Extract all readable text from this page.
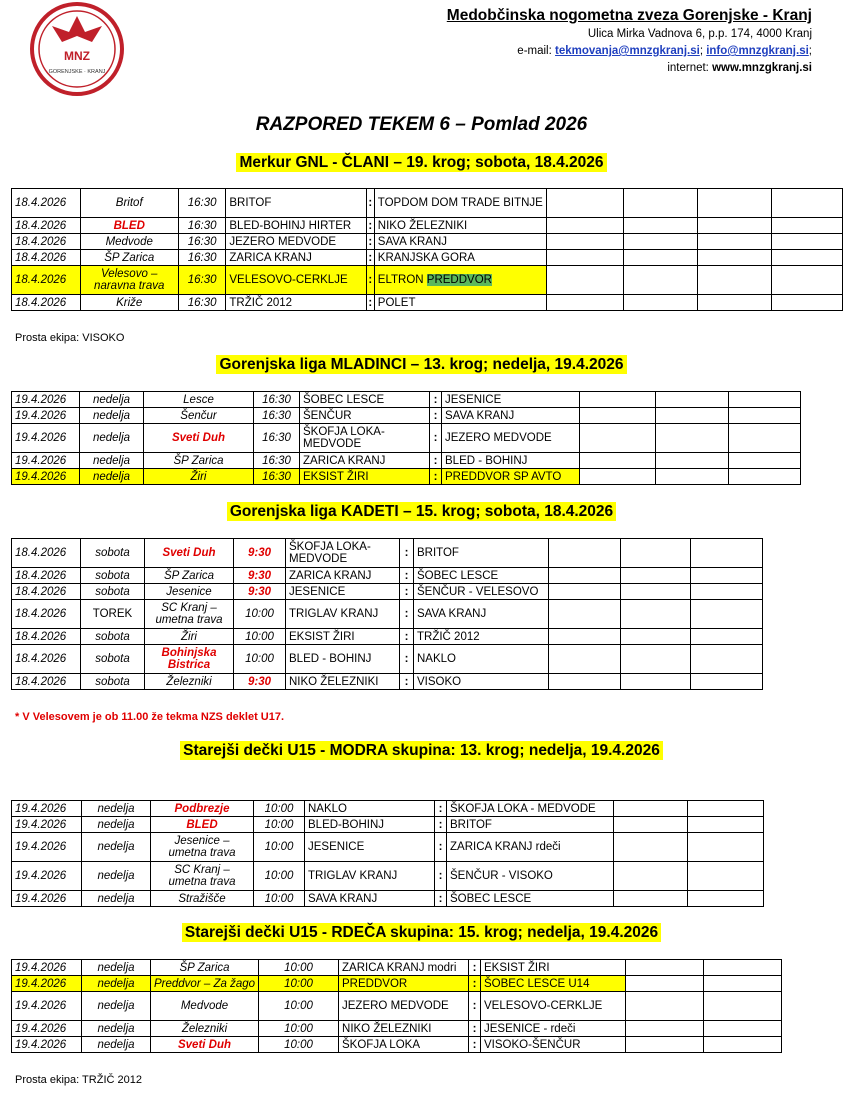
MNZ
GORENJSKE · KRANJ
Medobčinska nogometna zveza Gorenjske - Kranj
Ulica Mirka Vadnova 6, p.p. 174, 4000 Kranj
e-mail: tekmovanja@mnzgkranj.si; info@mnzgkranj.si;
internet: www.mnzgkranj.si
RAZPORED TEKEM 6 – Pomlad 2026
Merkur GNL - ČLANI – 19. krog; sobota, 18.4.2026
18.4.2026	Britof	16:30	BRITOF	:	TOPDOM DOM TRADE BITNJE				
18.4.2026	BLED	16:30	BLED-BOHINJ HIRTER	:	NIKO ŽELEZNIKI				
18.4.2026	Medvode	16:30	JEZERO MEDVODE	:	SAVA KRANJ				
18.4.2026	ŠP Zarica	16:30	ZARICA KRANJ	:	KRANJSKA GORA				
18.4.2026	Velesovo – naravna trava	16:30	VELESOVO-CERKLJE	:	ELTRON PREDDVOR				
18.4.2026	Križe	16:30	TRŽIČ 2012	:	POLET				
Prosta ekipa: VISOKO
Gorenjska liga MLADINCI – 13. krog; nedelja, 19.4.2026
19.4.2026	nedelja	Lesce	16:30	ŠOBEC LESCE	:	JESENICE			
19.4.2026	nedelja	Šenčur	16:30	ŠENČUR	:	SAVA KRANJ			
19.4.2026	nedelja	Sveti Duh	16:30	ŠKOFJA LOKA-MEDVODE	:	JEZERO MEDVODE			
19.4.2026	nedelja	ŠP Zarica	16:30	ZARICA KRANJ	:	BLED - BOHINJ			
19.4.2026	nedelja	Žiri	16:30	EKSIST ŽIRI	:	PREDDVOR SP AVTO			
Gorenjska liga KADETI – 15. krog; sobota, 18.4.2026
18.4.2026	sobota	Sveti Duh	9:30	ŠKOFJA LOKA-MEDVODE	:	BRITOF			
18.4.2026	sobota	ŠP Zarica	9:30	ZARICA KRANJ	:	ŠOBEC LESCE			
18.4.2026	sobota	Jesenice	9:30	JESENICE	:	ŠENČUR - VELESOVO			
18.4.2026	TOREK	SC Kranj – umetna trava	10:00	TRIGLAV KRANJ	:	SAVA KRANJ			
18.4.2026	sobota	Žiri	10:00	EKSIST ŽIRI	:	TRŽIČ 2012			
18.4.2026	sobota	Bohinjska Bistrica	10:00	BLED - BOHINJ	:	NAKLO			
18.4.2026	sobota	Železniki	9:30	NIKO ŽELEZNIKI	:	VISOKO			
* V Velesovem je ob 11.00 že tekma NZS deklet U17.
Starejši dečki U15 - MODRA skupina: 13. krog; nedelja, 19.4.2026
19.4.2026	nedelja	Podbrezje	10:00	NAKLO	:	ŠKOFJA LOKA - MEDVODE		
19.4.2026	nedelja	BLED	10:00	BLED-BOHINJ	:	BRITOF		
19.4.2026	nedelja	Jesenice – umetna trava	10:00	JESENICE	:	ZARICA KRANJ rdeči		
19.4.2026	nedelja	SC Kranj – umetna trava	10:00	TRIGLAV KRANJ	:	ŠENČUR - VISOKO		
19.4.2026	nedelja	Stražišče	10:00	SAVA KRANJ	:	ŠOBEC LESCE		
Starejši dečki U15 - RDEČA skupina: 15. krog; nedelja, 19.4.2026
19.4.2026	nedelja	ŠP Zarica	10:00	ZARICA KRANJ modri	:	EKSIST ŽIRI		
19.4.2026	nedelja	Preddvor – Za žago	10:00	PREDDVOR	:	ŠOBEC LESCE U14		
19.4.2026	nedelja	Medvode	10:00	JEZERO MEDVODE	:	VELESOVO-CERKLJE		
19.4.2026	nedelja	Železniki	10:00	NIKO ŽELEZNIKI	:	JESENICE - rdeči		
19.4.2026	nedelja	Sveti Duh	10:00	ŠKOFJA LOKA	:	VISOKO-ŠENČUR		
Prosta ekipa: TRŽIČ 2012
